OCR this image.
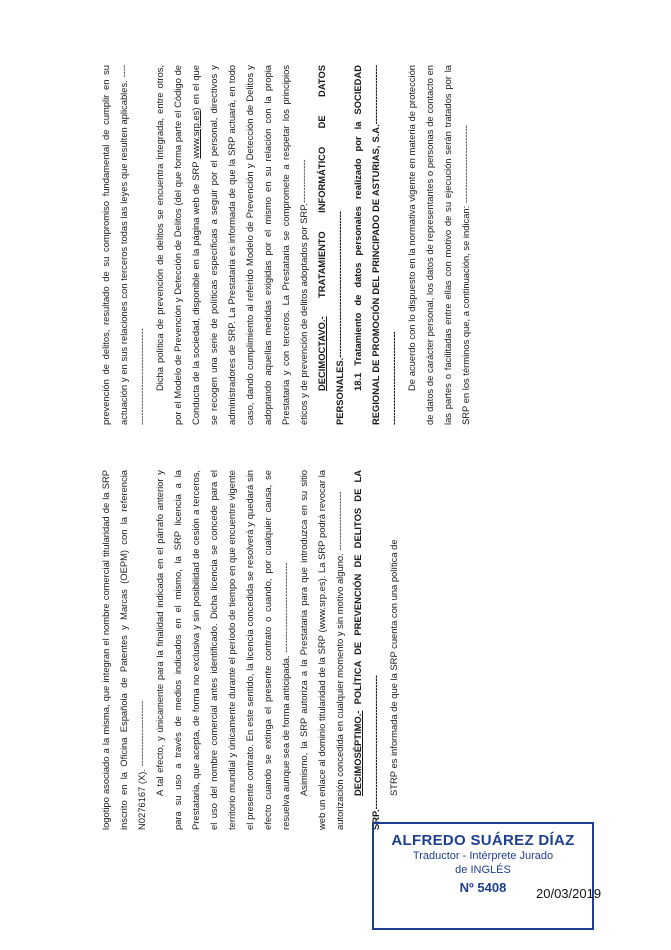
logotipo asociado a la misma, que integran el nombre comercial titularidad de la SRP inscrito en la Oficina Española de Patentes y Marcas (OEPM) con la referencia N0276167 (X). --------------------- A tal efecto, y únicamente para la finalidad indicada en el párrafo anterior y para su uso a través de medios indicados en el mismo, la SRP licencia a la Prestataria, que acepta, de forma no exclusiva y sin posibilidad de cesión a terceros, el uso del nombre comercial antes identificado. Dicha licencia se concede para el territorio mundial y únicamente durante el período de tiempo en que encuentre vigente el presente contrato. En este sentido, la licencia concedida se resolverá y quedará sin efecto cuando se extinga el presente contrato o cuando, por cualquier causa, se resuelva aunque sea de forma anticipada. ----------------------------- Asimismo, la SRP autoriza a la Prestataria para que introduzca en su sitio web un enlace al dominio titularidad de la SRP (www.srp.es). La SRP podrá revocar la autorización concedida en cualquier momento y sin motivo alguno. ------------------- DECIMOSÉPTIMO.- POLÍTICA DE PREVENCIÓN DE DELITOS DE LA SRP.------------------------------------------- STRP es informada de que la SRP cuenta con una política de

prevención de delitos, resultado de su compromiso fundamental de cumplir en su actuación y en sus relaciones con terceros todas las leyes que resulten aplicables. ----------------------------------- Dicha política de prevención de delitos se encuentra integrada, entre otros, por el Modelo de Prevención y Detección de Delitos (del que forma parte el Código de Conducta de la sociedad, disponible en la página web de SRP www.srp.es) en el que se recogen una serie de políticas específicas a seguir por el personal, directivos y administradores de SRP. La Prestataria es informada de que la SRP actuará, en todo caso, dando cumplimiento al referido Modelo de Prevención y Detección de Delitos y adoptando aquellas medidas exigidas por el mismo en su relación con la propia Prestataria y con terceros. La Prestataria se compromete a respetar los principios éticos y de prevención de delitos adoptados por SRP.-------------- DECIMOCTAVO.- TRATAMIENTO INFORMÁTICO DE DATOS PERSONALES.----------------------------------------------- 18.1 Tratamiento de datos personales realizado por la SOCIEDAD REGIONAL DE PROMOCIÓN DEL PRINCIPADO DE ASTURIAS, S.A.------------------------------------------------- De acuerdo con lo dispuesto en la normativa vigente en materia de protección de datos de carácter personal, los datos de representantes o personas de contacto en las partes o facilitadas entre ellas con motivo de su ejecución serán tratados por la SRP en los términos que, a continuación, se indican: -------------------------

ALFREDO SUÁREZ DÍAZ
Traductor - Intérprete Jurado
de INGLÉS
Nº 5408	20/03/2019
